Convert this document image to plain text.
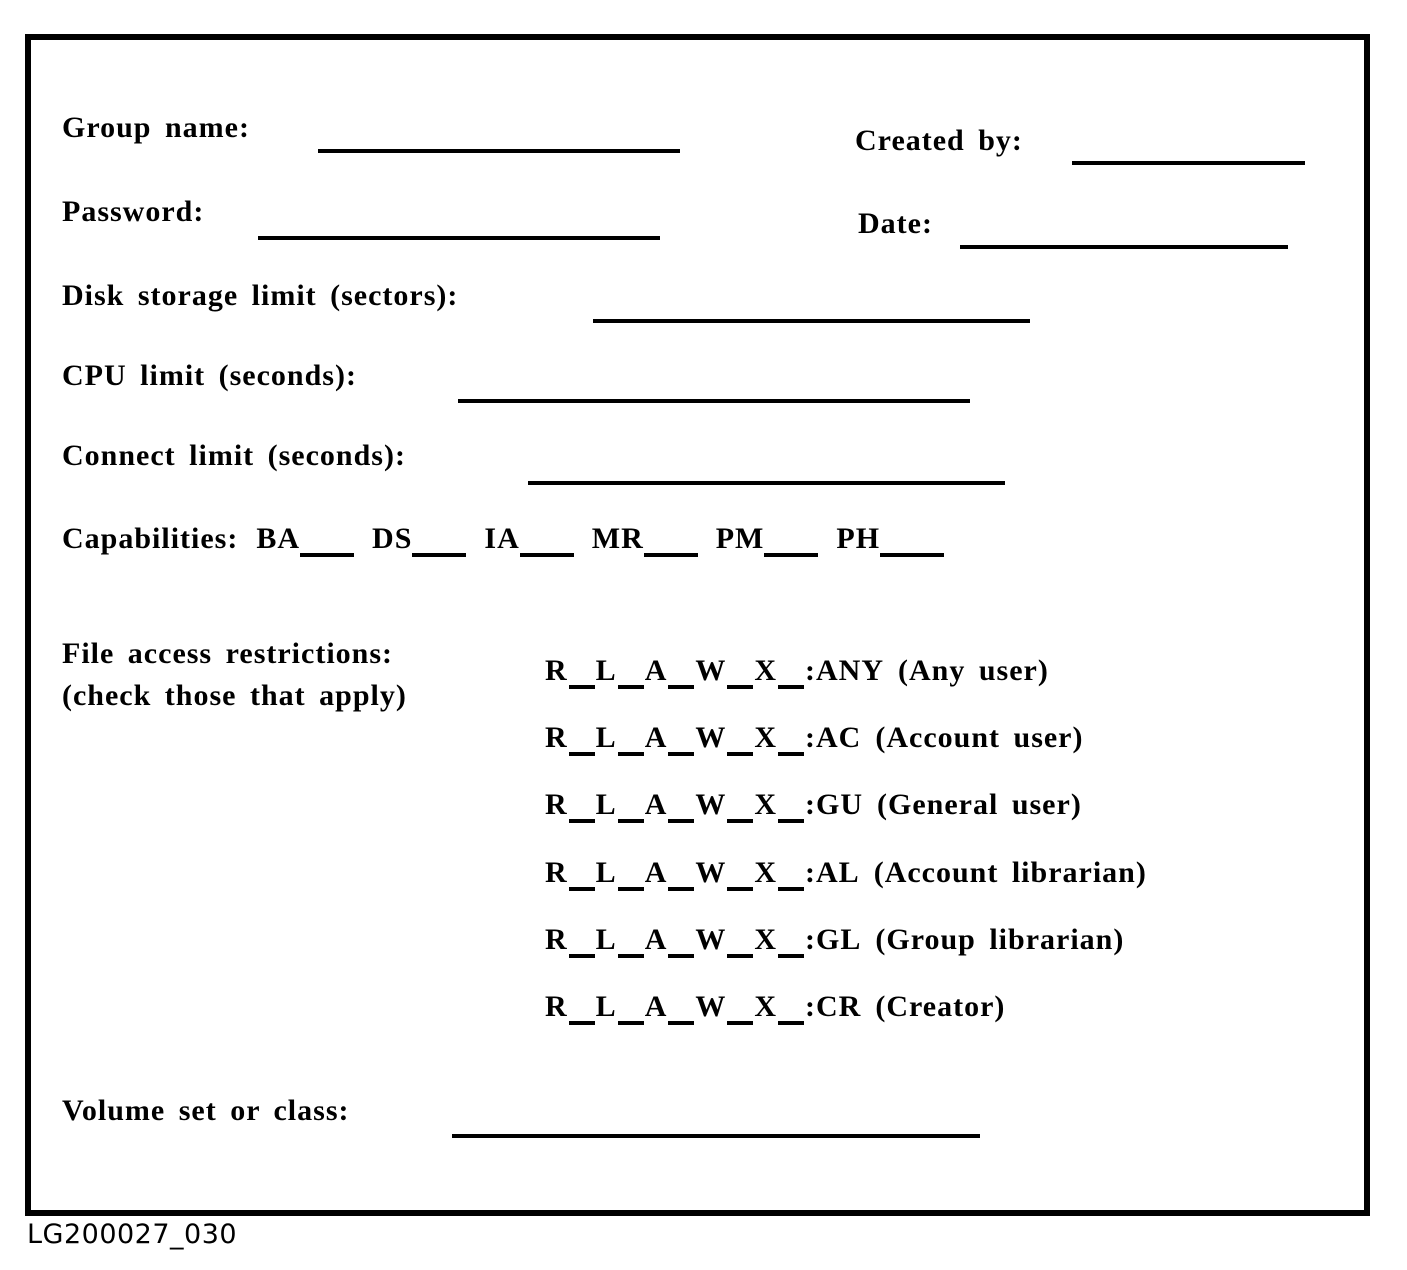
Group name:	Created by:
Password:	Date:
Disk storage limit (sectors):
CPU limit (seconds):
Connect limit (seconds):
Capabilities: BA	DS	IA	MR	PM	PH
File access restrictions:
(check those that apply)
R L A W X :ANY (Any user)
R L A W X :AC (Account user)
R L A W X :GU (General user)
R L A W X :AL (Account librarian)
R L A W X :GL (Group librarian)
R L A W X :CR (Creator)
Volume set or class:
LG200027_030
